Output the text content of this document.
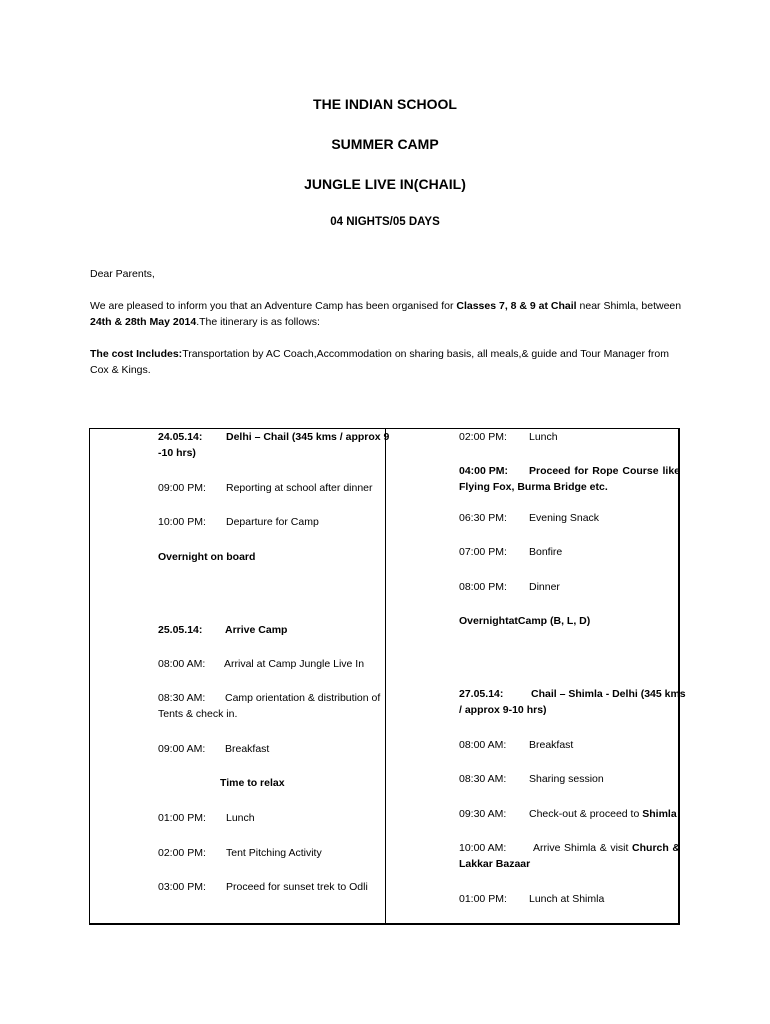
THE INDIAN SCHOOL
SUMMER CAMP
JUNGLE LIVE IN(CHAIL)
04 NIGHTS/05 DAYS
Dear Parents,
We are pleased to inform you that an Adventure Camp has been organised for Classes 7, 8 & 9 at Chail near Shimla, between
24th & 28th May 2014.The itinerary is as follows:
The cost Includes:Transportation by AC Coach,Accommodation on sharing basis, all meals,& guide and Tour Manager from Cox & Kings.
24.05.14: Delhi – Chail (345 kms / approx 9
-10 hrs)
09:00 PM: Reporting at school after dinner
10:00 PM: Departure for Camp
Overnight on board
25.05.14: Arrive Camp
08:00 AM: Arrival at Camp Jungle Live In
08:30 AM: Camp orientation & distribution of
Tents & check in.
09:00 AM: Breakfast
Time to relax
01:00 PM: Lunch
02:00 PM: Tent Pitching Activity
03:00 PM: Proceed for sunset trek to Odli
02:00 PM: Lunch
04:00 PM: Proceed for Rope Course like
Flying Fox, Burma Bridge etc.
06:30 PM: Evening Snack
07:00 PM: Bonfire
08:00 PM: Dinner
OvernightatCamp (B, L, D)
27.05.14:	Chail – Shimla - Delhi (345 kms
/ approx 9-10 hrs)
08:00 AM: Breakfast
08:30 AM: Sharing session
09:30 AM: Check-out & proceed to Shimla
10:00 AM:	Arrive Shimla & visit Church &
Lakkar Bazaar
01:00 PM: Lunch at Shimla
